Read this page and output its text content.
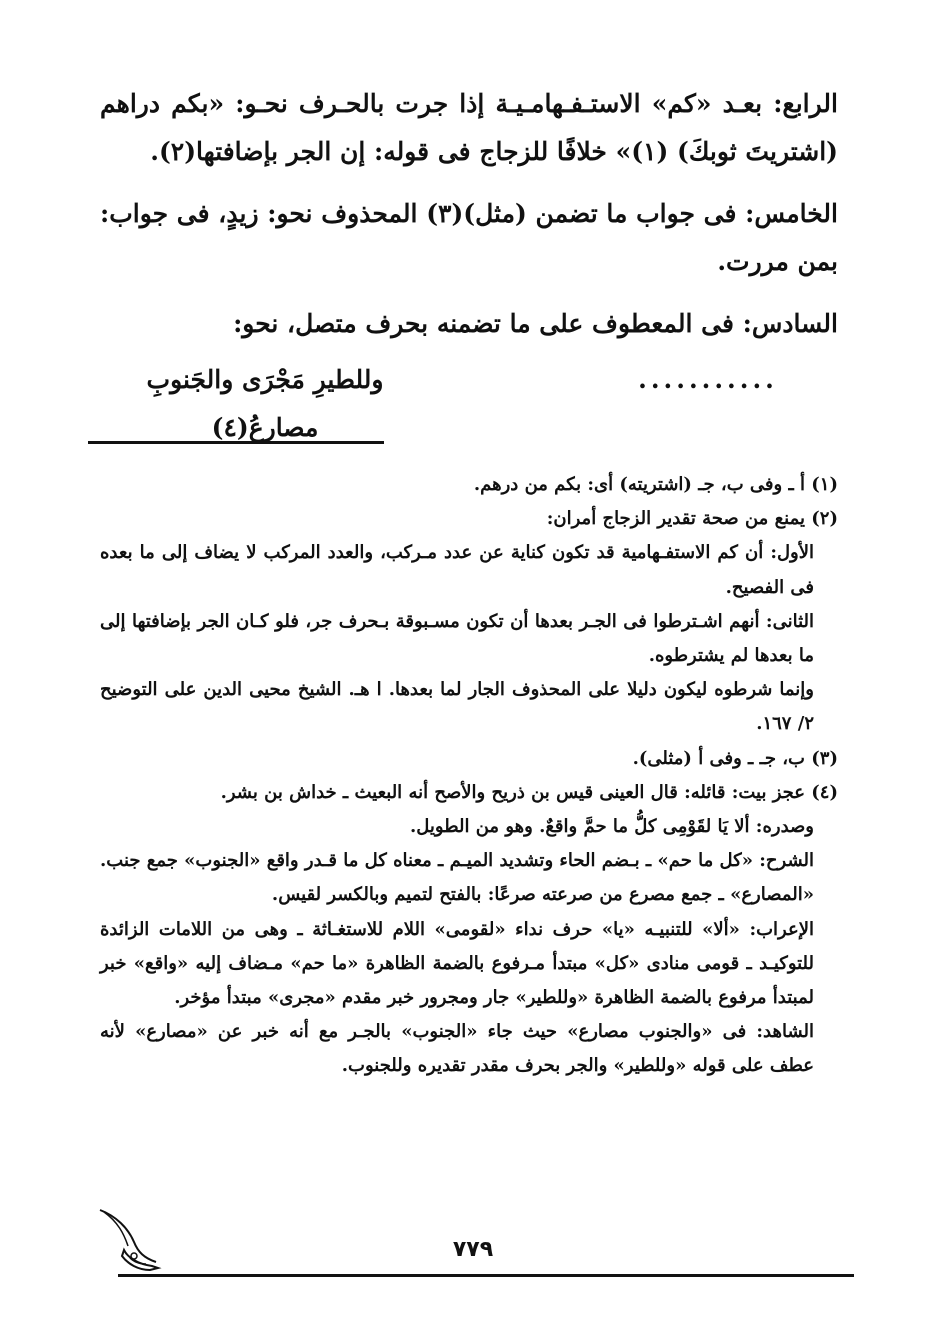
الرابع: بعـد «كم» الاستـفـهامـيـة إذا جرت بالحـرف نحـو: «بكم دراهم (اشتريتَ ثوبكَ) (١)» خلافًا للزجاج فى قوله: إن الجر بإضافتها(٢).

الخامس: فى جواب ما تضمن (مثل)(٣) المحذوف نحو: زيدٍ، فى جواب: بمن مررت.

السادس: فى المعطوف على ما تضمنه بحرف متصل، نحو:

...........
وللطيرِ مَجْرَى والجَنوبِ مصارعُ(٤)

(١) أ ـ وفى ب، جـ (اشتريته) أى: بكم من درهم.

(٢) يمنع من صحة تقدير الزجاج أمران:

الأول: أن كم الاستفـهامية قد تكون كناية عن عدد مـركب، والعدد المركب لا يضاف إلى ما بعده فى الفصيح.

الثانى: أنهم اشـترطوا فى الجـر بعدها أن تكون مسـبوقة بـحرف جر، فلو كـان الجر بإضافتها إلى ما بعدها لم يشترطوه.

وإنما شرطوه ليكون دليلا على المحذوف الجار لما بعدها. ا هـ. الشيخ محيى الدين على التوضيح ٢/ ١٦٧.

(٣) ب، جـ ـ وفى أ (مثلى).

(٤) عجز بيت: قائله: قال العينى قيس بن ذريح والأصح أنه البعيث ـ خداش بن بشر.

وصدره: ألا يَا لقَوْمِى كلُّ ما حمَّ واقعٌ. وهو من الطويل.

الشرح: «كل ما حم» ـ بـضم الحاء وتشديد الميـم ـ معناه كل ما قـدر واقع «الجنوب» جمع جنب. «المصارع» ـ جمع مصرع من صرعته صرعًا: بالفتح لتميم وبالكسر لقيس.

الإعراب: «ألا» للتنبيـه «يا» حرف نداء «لقومى» اللام للاستغـاثة ـ وهى من اللامات الزائدة للتوكيـد ـ قومى منادى «كل» مبتدأ مـرفوع بالضمة الظاهرة «ما حم» مـضاف إليه «واقع» خبر لمبتدأ مرفوع بالضمة الظاهرة «وللطير» جار ومجرور خبر مقدم «مجرى» مبتدأ مؤخر.

الشاهد: فى «والجنوب مصارع» حيث جاء «الجنوب» بالجـر مع أنه خبر عن «مصارع» لأنه عطف على قوله «وللطير» والجر بحرف مقدر تقديره وللجنوب.

٧٧٩
